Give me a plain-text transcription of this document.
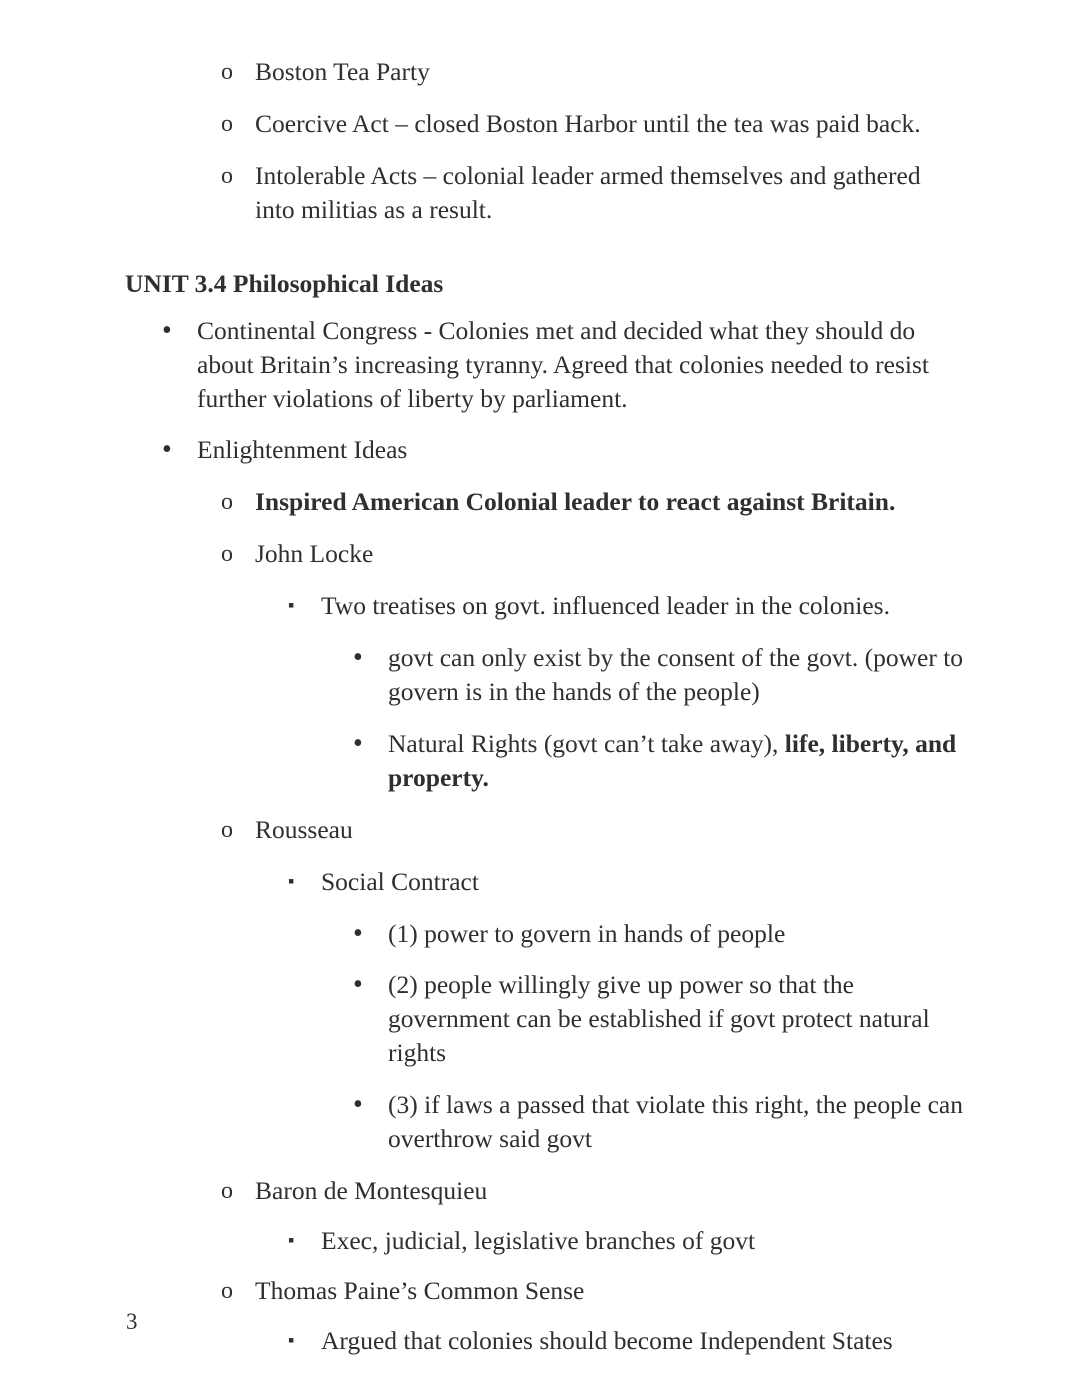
o Boston Tea Party
o Coercive Act – closed Boston Harbor until the tea was paid back.
o Intolerable Acts – colonial leader armed themselves and gathered into militias as a result.
UNIT 3.4 Philosophical Ideas
• Continental Congress - Colonies met and decided what they should do about Britain’s increasing tyranny. Agreed that colonies needed to resist further violations of liberty by parliament.
• Enlightenment Ideas
o Inspired American Colonial leader to react against Britain.
o John Locke
▪	Two treatises on govt. influenced leader in the colonies.
• govt can only exist by the consent of the govt. (power to govern is in the hands of the people)
• Natural Rights (govt can’t take away), life, liberty, and property.
o Rousseau
▪	Social Contract
• (1) power to govern in hands of people
• (2) people willingly give up power so that the government can be established if govt protect natural rights
• (3) if laws a passed that violate this right, the people can overthrow said govt
o Baron de Montesquieu
▪	Exec, judicial, legislative branches of govt
o Thomas Paine’s Common Sense
▪	Argued that colonies should become Independent States
3
